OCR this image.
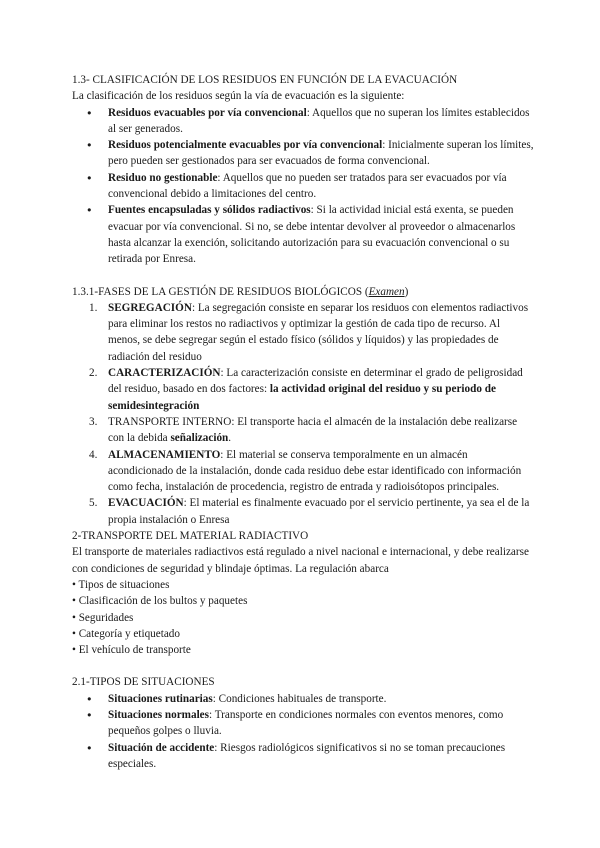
1.3- CLASIFICACIÓN DE LOS RESIDUOS EN FUNCIÓN DE LA EVACUACIÓN

La clasificación de los residuos según la vía de evacuación es la siguiente:

● Residuos evacuables por vía convencional: Aquellos que no superan los límites establecidos al ser generados.
● Residuos potencialmente evacuables por vía convencional: Inicialmente superan los límites, pero pueden ser gestionados para ser evacuados de forma convencional.
● Residuo no gestionable: Aquellos que no pueden ser tratados para ser evacuados por vía convencional debido a limitaciones del centro.
● Fuentes encapsuladas y sólidos radiactivos: Si la actividad inicial está exenta, se pueden evacuar por vía convencional. Si no, se debe intentar devolver al proveedor o almacenarlos hasta alcanzar la exención, solicitando autorización para su evacuación convencional o su retirada por Enresa.

1.3.1-FASES DE LA GESTIÓN DE RESIDUOS BIOLÓGICOS (Examen)

1. SEGREGACIÓN: La segregación consiste en separar los residuos con elementos radiactivos para eliminar los restos no radiactivos y optimizar la gestión de cada tipo de recurso. Al menos, se debe segregar según el estado físico (sólidos y líquidos) y las propiedades de radiación del residuo
2. CARACTERIZACIÓN: La caracterización consiste en determinar el grado de peligrosidad del residuo, basado en dos factores: la actividad original del residuo y su periodo de semidesintegración
3. TRANSPORTE INTERNO: El transporte hacia el almacén de la instalación debe realizarse con la debida señalización.
4. ALMACENAMIENTO: El material se conserva temporalmente en un almacén acondicionado de la instalación, donde cada residuo debe estar identificado con información como fecha, instalación de procedencia, registro de entrada y radioisótopos principales.
5. EVACUACIÓN: El material es finalmente evacuado por el servicio pertinente, ya sea el de la propia instalación o Enresa

2-TRANSPORTE DEL MATERIAL RADIACTIVO

El transporte de materiales radiactivos está regulado a nivel nacional e internacional, y debe realizarse con condiciones de seguridad y blindaje óptimas. La regulación abarca

• Tipos de situaciones
• Clasificación de los bultos y paquetes
• Seguridades
• Categoría y etiquetado
• El vehículo de transporte

2.1-TIPOS DE SITUACIONES

● Situaciones rutinarias: Condiciones habituales de transporte.
● Situaciones normales: Transporte en condiciones normales con eventos menores, como pequeños golpes o lluvia.
● Situación de accidente: Riesgos radiológicos significativos si no se toman precauciones especiales.
